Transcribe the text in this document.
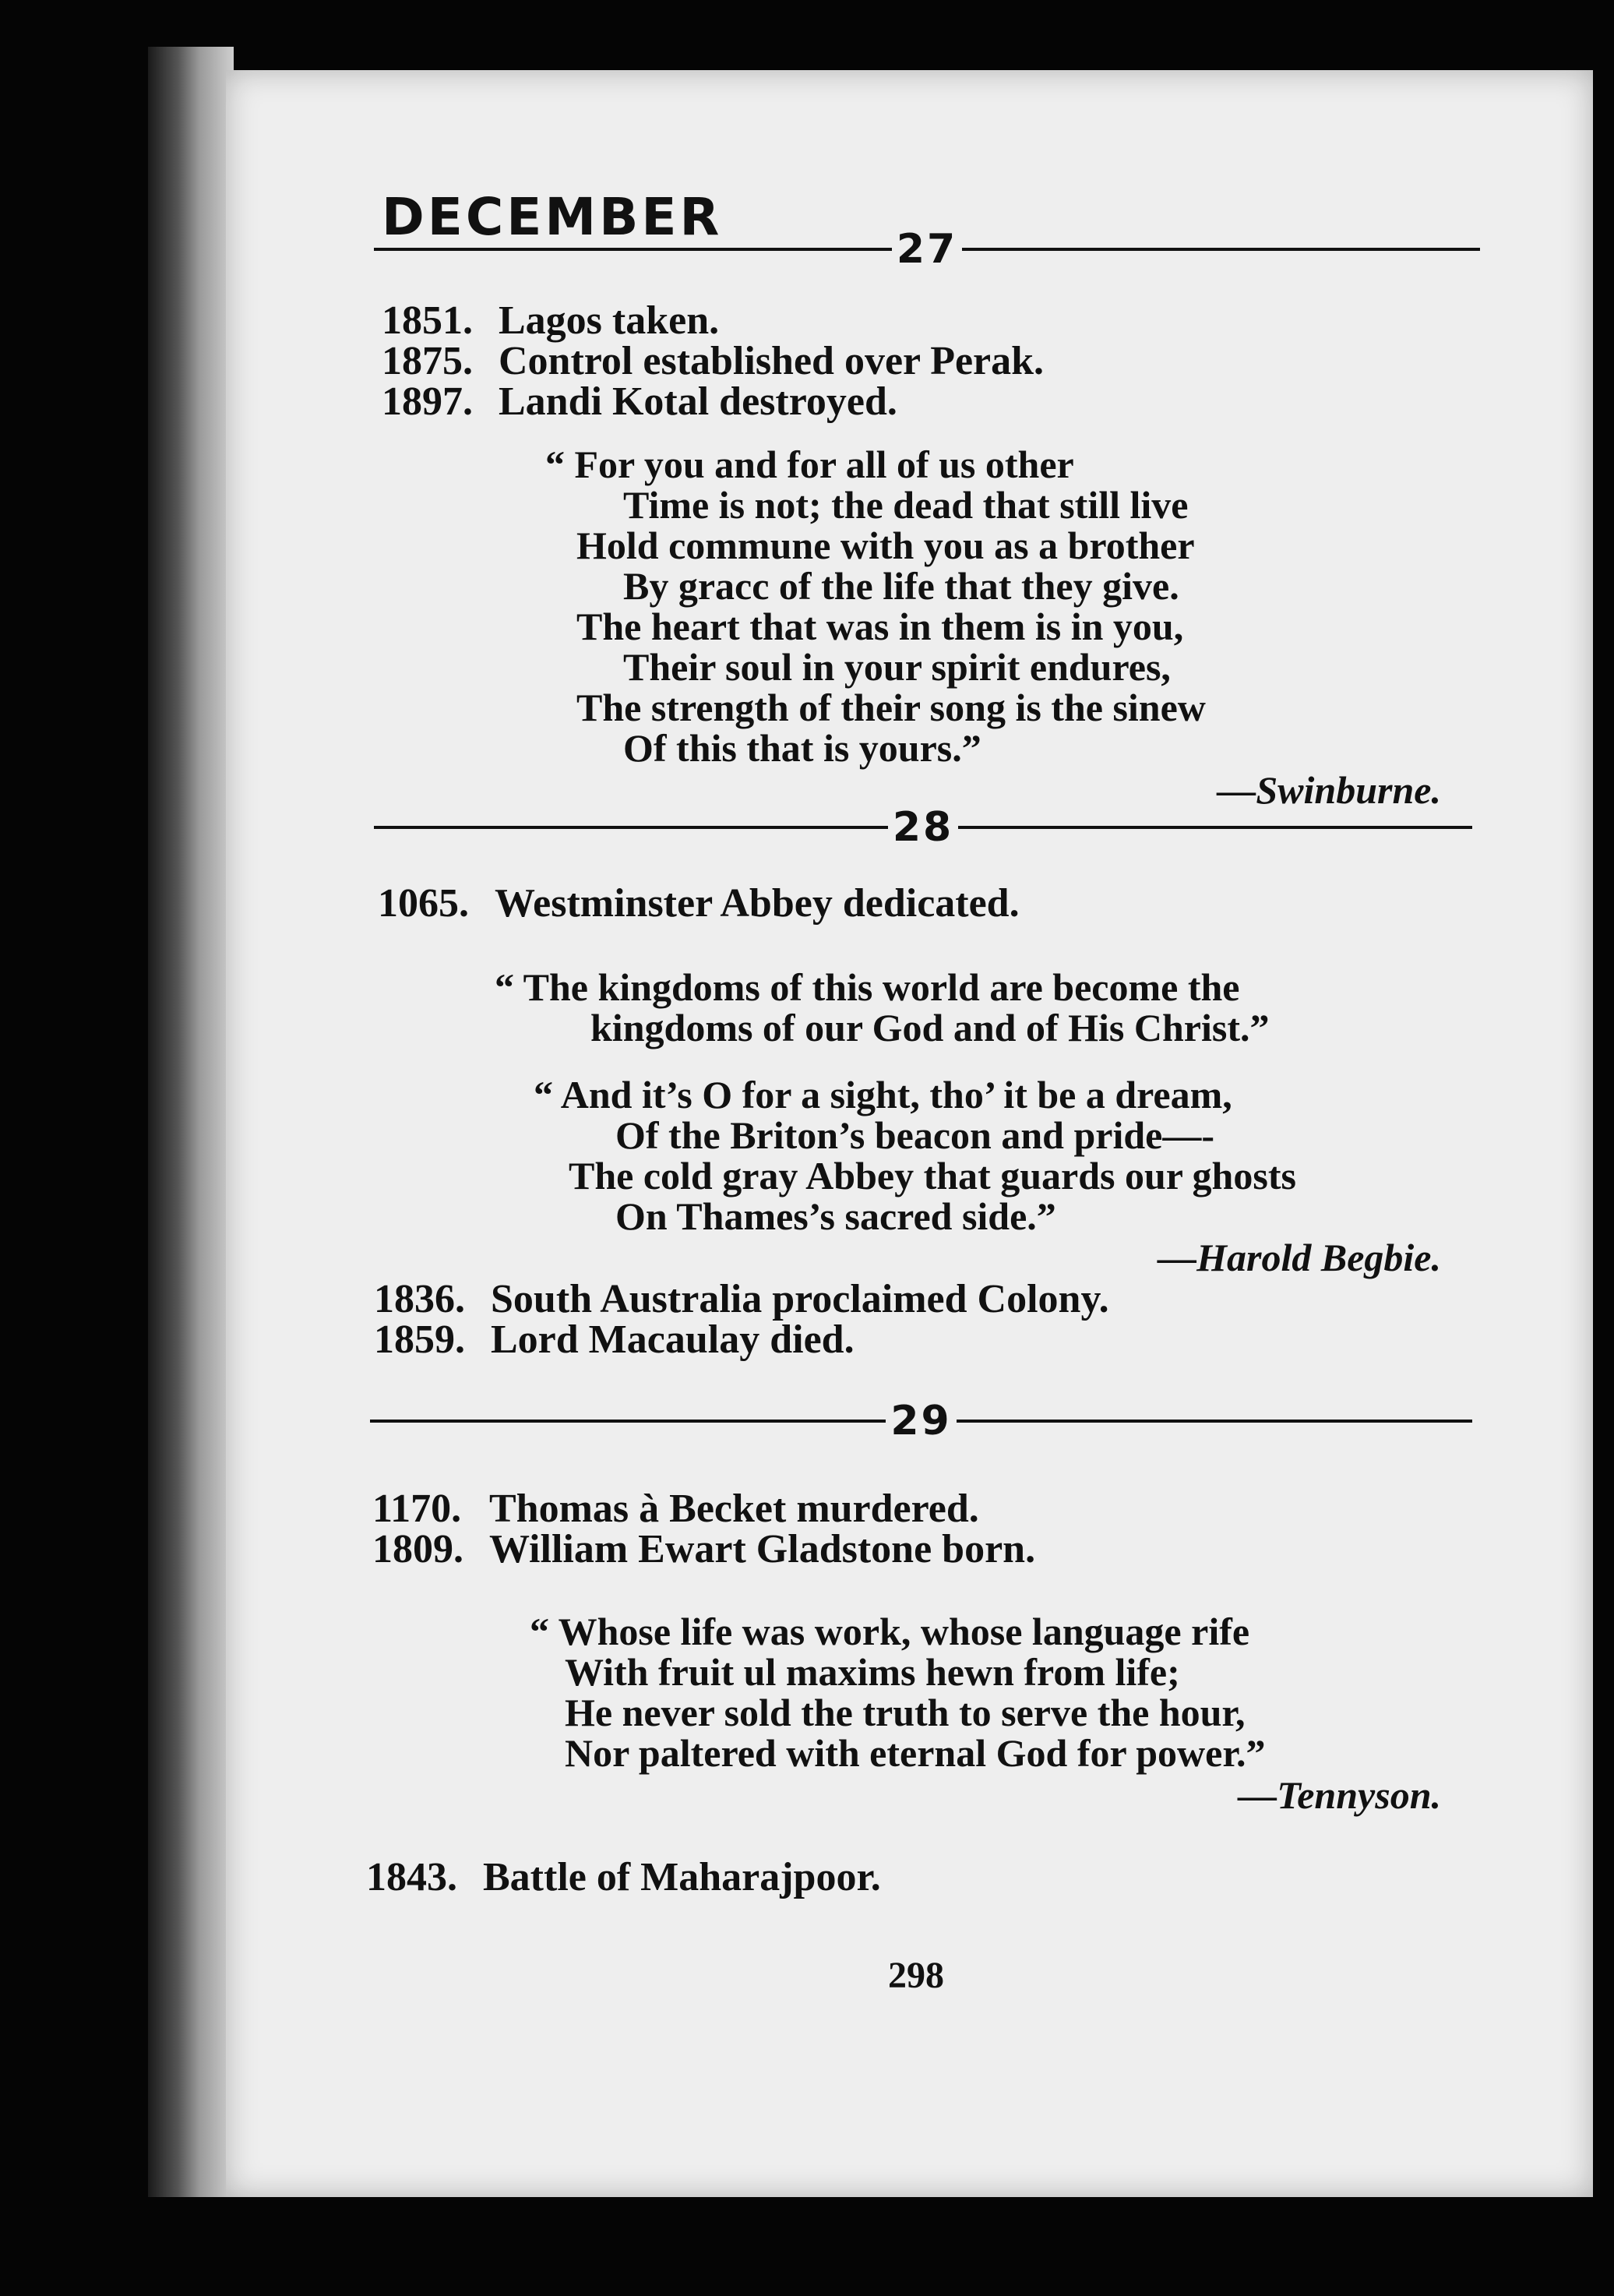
DECEMBER
27
1851. Lagos taken.
1875. Control established over Perak.
1897. Landi Kotal destroyed.
“ For you and for all of us other
Time is not; the dead that still live
Hold commune with you as a brother
By gracc of the life that they give.
The heart that was in them is in you,
Their soul in your spirit endures,
The strength of their song is the sinew
Of this that is yours.”
—Swinburne.
28
1065. Westminster Abbey dedicated.
“ The kingdoms of this world are become the
kingdoms of our God and of His Christ.”
“ And it’s O for a sight, tho’ it be a dream,
Of the Briton’s beacon and pride—-
The cold gray Abbey that guards our ghosts
On Thames’s sacred side.”
—Harold Begbie.
1836. South Australia proclaimed Colony.
1859. Lord Macaulay died.
29
1170. Thomas à Becket murdered.
1809. William Ewart Gladstone born.
“ Whose life was work, whose language rife
With fruit ul maxims hewn from life;
He never sold the truth to serve the hour,
Nor paltered with eternal God for power.”
—Tennyson.
1843. Battle of Maharajpoor.
298
